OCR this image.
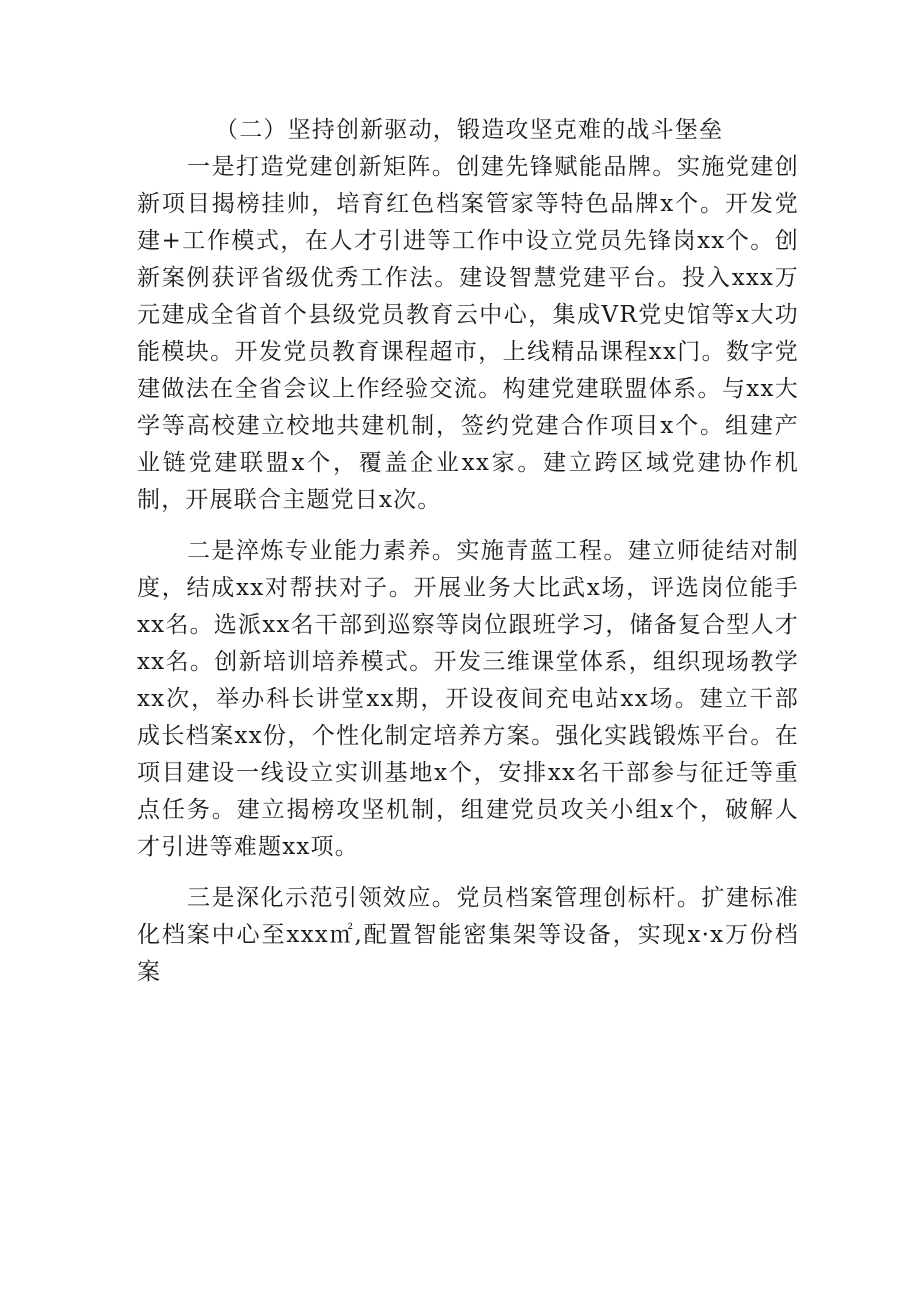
（二）坚持创新驱动，锻造攻坚克难的战斗堡垒

一是打造党建创新矩阵。创建先锋赋能品牌。实施党建创新项目揭榜挂帅，培育红色档案管家等特色品牌x个。开发党建+工作模式，在人才引进等工作中设立党员先锋岗xx个。创新案例获评省级优秀工作法。建设智慧党建平台。投入xxx万元建成全省首个县级党员教育云中心，集成VR党史馆等x大功能模块。开发党员教育课程超市，上线精品课程xx门。数字党建做法在全省会议上作经验交流。构建党建联盟体系。与xx大学等高校建立校地共建机制，签约党建合作项目x个。组建产业链党建联盟x个，覆盖企业xx家。建立跨区域党建协作机制，开展联合主题党日x次。

二是淬炼专业能力素养。实施青蓝工程。建立师徒结对制度，结成xx对帮扶对子。开展业务大比武x场，评选岗位能手xx名。选派xx名干部到巡察等岗位跟班学习，储备复合型人才xx名。创新培训培养模式。开发三维课堂体系，组织现场教学xx次，举办科长讲堂xx期，开设夜间充电站xx场。建立干部成长档案xx份，个性化制定培养方案。强化实践锻炼平台。在项目建设一线设立实训基地x个，安排xx名干部参与征迁等重点任务。建立揭榜攻坚机制，组建党员攻关小组x个，破解人才引进等难题xx项。

三是深化示范引领效应。党员档案管理创标杆。扩建标准化档案中心至xxx㎡,配置智能密集架等设备，实现x·x万份档案
